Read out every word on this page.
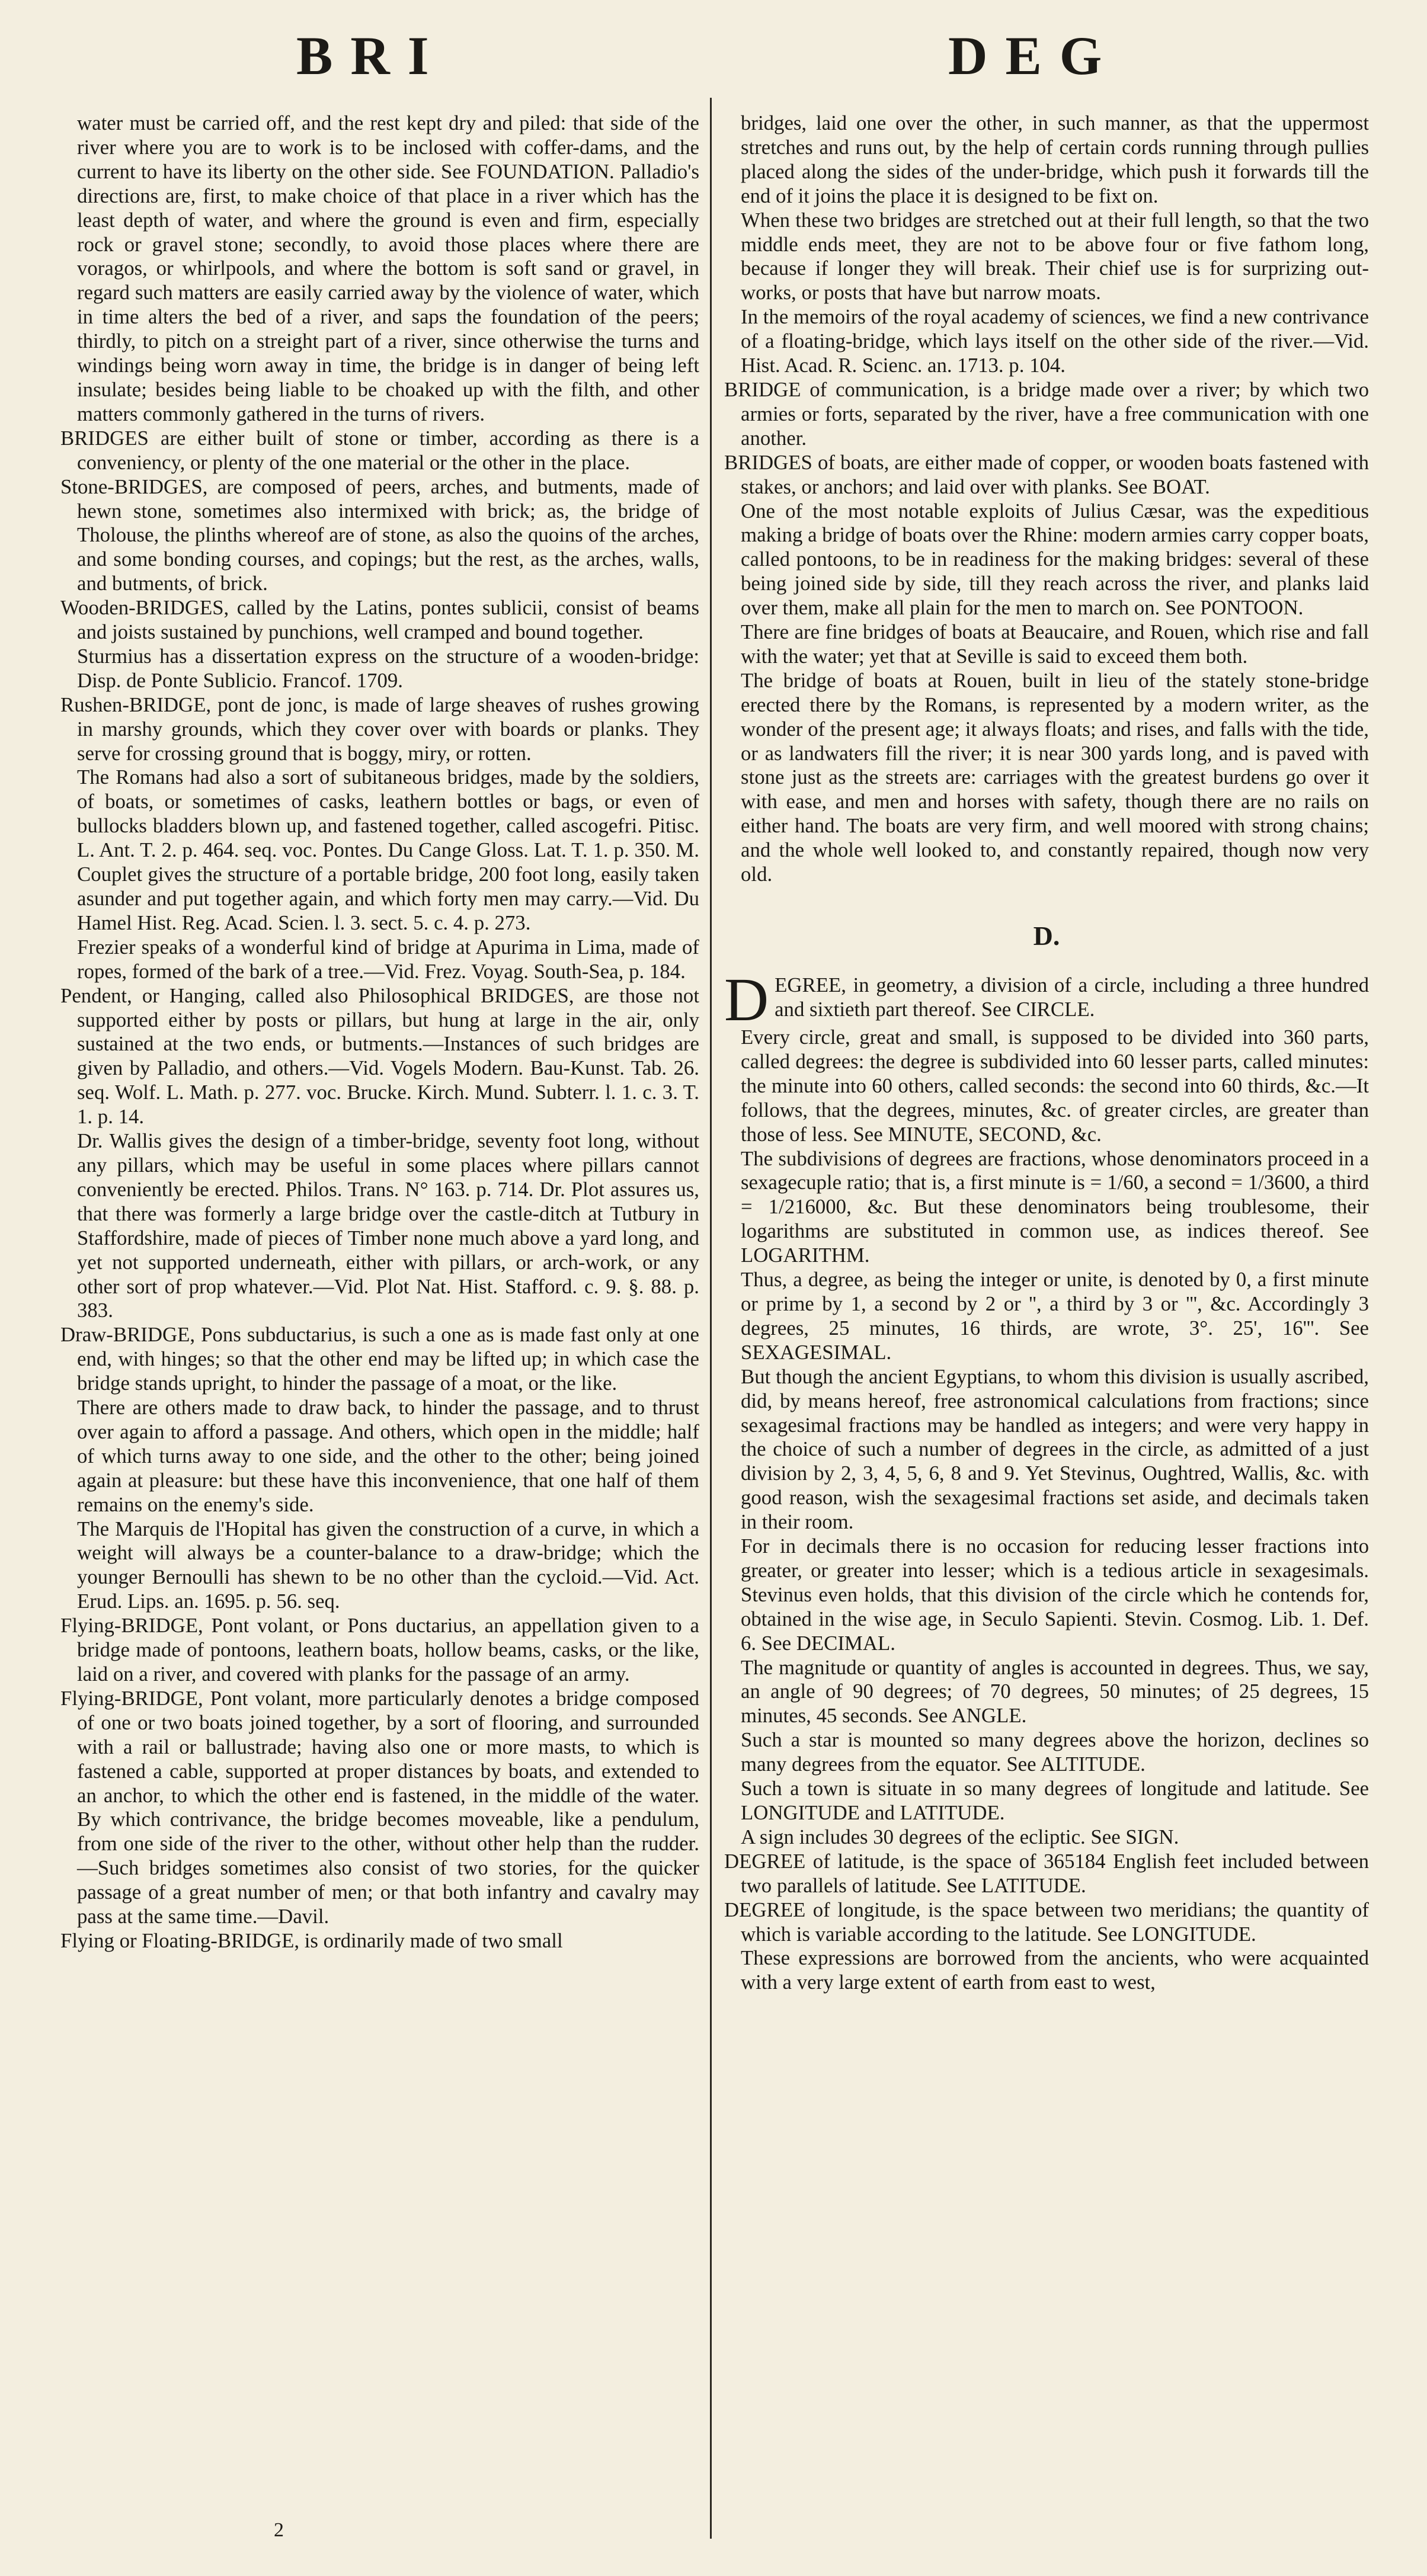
BRI	DEG

water must be carried off, and the rest kept dry and piled: that side of the river where you are to work is to be inclosed with coffer-dams, and the current to have its liberty on the other side. See FOUNDATION. Palladio's directions are, first, to make choice of that place in a river which has the least depth of water, and where the ground is even and firm, especially rock or gravel stone; secondly, to avoid those places where there are voragos, or whirlpools, and where the bottom is soft sand or gravel, in regard such matters are easily carried away by the violence of water, which in time alters the bed of a river, and saps the foundation of the peers; thirdly, to pitch on a streight part of a river, since otherwise the turns and windings being worn away in time, the bridge is in danger of being left insulate; besides being liable to be choaked up with the filth, and other matters commonly gathered in the turns of rivers.

BRIDGES are either built of stone or timber, according as there is a conveniency, or plenty of the one material or the other in the place.

Stone-BRIDGES, are composed of peers, arches, and butments, made of hewn stone, sometimes also intermixed with brick; as, the bridge of Tholouse, the plinths whereof are of stone, as also the quoins of the arches, and some bonding courses, and copings; but the rest, as the arches, walls, and butments, of brick.

Wooden-BRIDGES, called by the Latins, pontes sublicii, consist of beams and joists sustained by punchions, well cramped and bound together.

Sturmius has a dissertation express on the structure of a wooden-bridge: Disp. de Ponte Sublicio. Francof. 1709.

Rushen-BRIDGE, pont de jonc, is made of large sheaves of rushes growing in marshy grounds, which they cover over with boards or planks. They serve for crossing ground that is boggy, miry, or rotten.

The Romans had also a sort of subitaneous bridges, made by the soldiers, of boats, or sometimes of casks, leathern bottles or bags, or even of bullocks bladders blown up, and fastened together, called ascogefri. Pitisc. L. Ant. T. 2. p. 464. seq. voc. Pontes. Du Cange Gloss. Lat. T. 1. p. 350. M. Couplet gives the structure of a portable bridge, 200 foot long, easily taken asunder and put together again, and which forty men may carry.—Vid. Du Hamel Hist. Reg. Acad. Scien. l. 3. sect. 5. c. 4. p. 273.

Frezier speaks of a wonderful kind of bridge at Apurima in Lima, made of ropes, formed of the bark of a tree.—Vid. Frez. Voyag. South-Sea, p. 184.

Pendent, or Hanging, called also Philosophical BRIDGES, are those not supported either by posts or pillars, but hung at large in the air, only sustained at the two ends, or butments.—Instances of such bridges are given by Palladio, and others.—Vid. Vogels Modern. Bau-Kunst. Tab. 26. seq. Wolf. L. Math. p. 277. voc. Brucke. Kirch. Mund. Subterr. l. 1. c. 3. T. 1. p. 14.

Dr. Wallis gives the design of a timber-bridge, seventy foot long, without any pillars, which may be useful in some places where pillars cannot conveniently be erected. Philos. Trans. N° 163. p. 714. Dr. Plot assures us, that there was formerly a large bridge over the castle-ditch at Tutbury in Staffordshire, made of pieces of Timber none much above a yard long, and yet not supported underneath, either with pillars, or arch-work, or any other sort of prop whatever.—Vid. Plot Nat. Hist. Stafford. c. 9. §. 88. p. 383.

Draw-BRIDGE, Pons subductarius, is such a one as is made fast only at one end, with hinges; so that the other end may be lifted up; in which case the bridge stands upright, to hinder the passage of a moat, or the like.

There are others made to draw back, to hinder the passage, and to thrust over again to afford a passage. And others, which open in the middle; half of which turns away to one side, and the other to the other; being joined again at pleasure: but these have this inconvenience, that one half of them remains on the enemy's side.

The Marquis de l'Hopital has given the construction of a curve, in which a weight will always be a counter-balance to a draw-bridge; which the younger Bernoulli has shewn to be no other than the cycloid.—Vid. Act. Erud. Lips. an. 1695. p. 56. seq.

Flying-BRIDGE, Pont volant, or Pons ductarius, an appellation given to a bridge made of pontoons, leathern boats, hollow beams, casks, or the like, laid on a river, and covered with planks for the passage of an army.

Flying-BRIDGE, Pont volant, more particularly denotes a bridge composed of one or two boats joined together, by a sort of flooring, and surrounded with a rail or ballustrade; having also one or more masts, to which is fastened a cable, supported at proper distances by boats, and extended to an anchor, to which the other end is fastened, in the middle of the water. By which contrivance, the bridge becomes moveable, like a pendulum, from one side of the river to the other, without other help than the rudder.—Such bridges sometimes also consist of two stories, for the quicker passage of a great number of men; or that both infantry and cavalry may pass at the same time.—Davil.

Flying or Floating-BRIDGE, is ordinarily made of two small

bridges, laid one over the other, in such manner, as that the uppermost stretches and runs out, by the help of certain cords running through pullies placed along the sides of the under-bridge, which push it forwards till the end of it joins the place it is designed to be fixt on.

When these two bridges are stretched out at their full length, so that the two middle ends meet, they are not to be above four or five fathom long, because if longer they will break. Their chief use is for surprizing out-works, or posts that have but narrow moats.

In the memoirs of the royal academy of sciences, we find a new contrivance of a floating-bridge, which lays itself on the other side of the river.—Vid. Hist. Acad. R. Scienc. an. 1713. p. 104.

BRIDGE of communication, is a bridge made over a river; by which two armies or forts, separated by the river, have a free communication with one another.

BRIDGES of boats, are either made of copper, or wooden boats fastened with stakes, or anchors; and laid over with planks. See BOAT.

One of the most notable exploits of Julius Cæsar, was the expeditious making a bridge of boats over the Rhine: modern armies carry copper boats, called pontoons, to be in readiness for the making bridges: several of these being joined side by side, till they reach across the river, and planks laid over them, make all plain for the men to march on. See PONTOON.

There are fine bridges of boats at Beaucaire, and Rouen, which rise and fall with the water; yet that at Seville is said to exceed them both.

The bridge of boats at Rouen, built in lieu of the stately stone-bridge erected there by the Romans, is represented by a modern writer, as the wonder of the present age; it always floats; and rises, and falls with the tide, or as landwaters fill the river; it is near 300 yards long, and is paved with stone just as the streets are: carriages with the greatest burdens go over it with ease, and men and horses with safety, though there are no rails on either hand. The boats are very firm, and well moored with strong chains; and the whole well looked to, and constantly repaired, though now very old.

D.

DEGREE, in geometry, a division of a circle, including a three hundred and sixtieth part thereof. See CIRCLE.

Every circle, great and small, is supposed to be divided into 360 parts, called degrees: the degree is subdivided into 60 lesser parts, called minutes: the minute into 60 others, called seconds: the second into 60 thirds, &c.—It follows, that the degrees, minutes, &c. of greater circles, are greater than those of less. See MINUTE, SECOND, &c.

The subdivisions of degrees are fractions, whose denominators proceed in a sexagecuple ratio; that is, a first minute is = 1/60, a second = 1/3600, a third = 1/216000, &c. But these denominators being troublesome, their logarithms are substituted in common use, as indices thereof. See LOGARITHM.

Thus, a degree, as being the integer or unite, is denoted by 0, a first minute or prime by 1, a second by 2 or '', a third by 3 or ''', &c. Accordingly 3 degrees, 25 minutes, 16 thirds, are wrote, 3°. 25', 16'''. See SEXAGESIMAL.

But though the ancient Egyptians, to whom this division is usually ascribed, did, by means hereof, free astronomical calculations from fractions; since sexagesimal fractions may be handled as integers; and were very happy in the choice of such a number of degrees in the circle, as admitted of a just division by 2, 3, 4, 5, 6, 8 and 9. Yet Stevinus, Oughtred, Wallis, &c. with good reason, wish the sexagesimal fractions set aside, and decimals taken in their room.

For in decimals there is no occasion for reducing lesser fractions into greater, or greater into lesser; which is a tedious article in sexagesimals. Stevinus even holds, that this division of the circle which he contends for, obtained in the wise age, in Seculo Sapienti. Stevin. Cosmog. Lib. 1. Def. 6. See DECIMAL.

The magnitude or quantity of angles is accounted in degrees. Thus, we say, an angle of 90 degrees; of 70 degrees, 50 minutes; of 25 degrees, 15 minutes, 45 seconds. See ANGLE.

Such a star is mounted so many degrees above the horizon, declines so many degrees from the equator. See ALTITUDE.

Such a town is situate in so many degrees of longitude and latitude. See LONGITUDE and LATITUDE.

A sign includes 30 degrees of the ecliptic. See SIGN.

DEGREE of latitude, is the space of 365184 English feet included between two parallels of latitude. See LATITUDE.

DEGREE of longitude, is the space between two meridians; the quantity of which is variable according to the latitude. See LONGITUDE.

These expressions are borrowed from the ancients, who were acquainted with a very large extent of earth from east to west,

2
